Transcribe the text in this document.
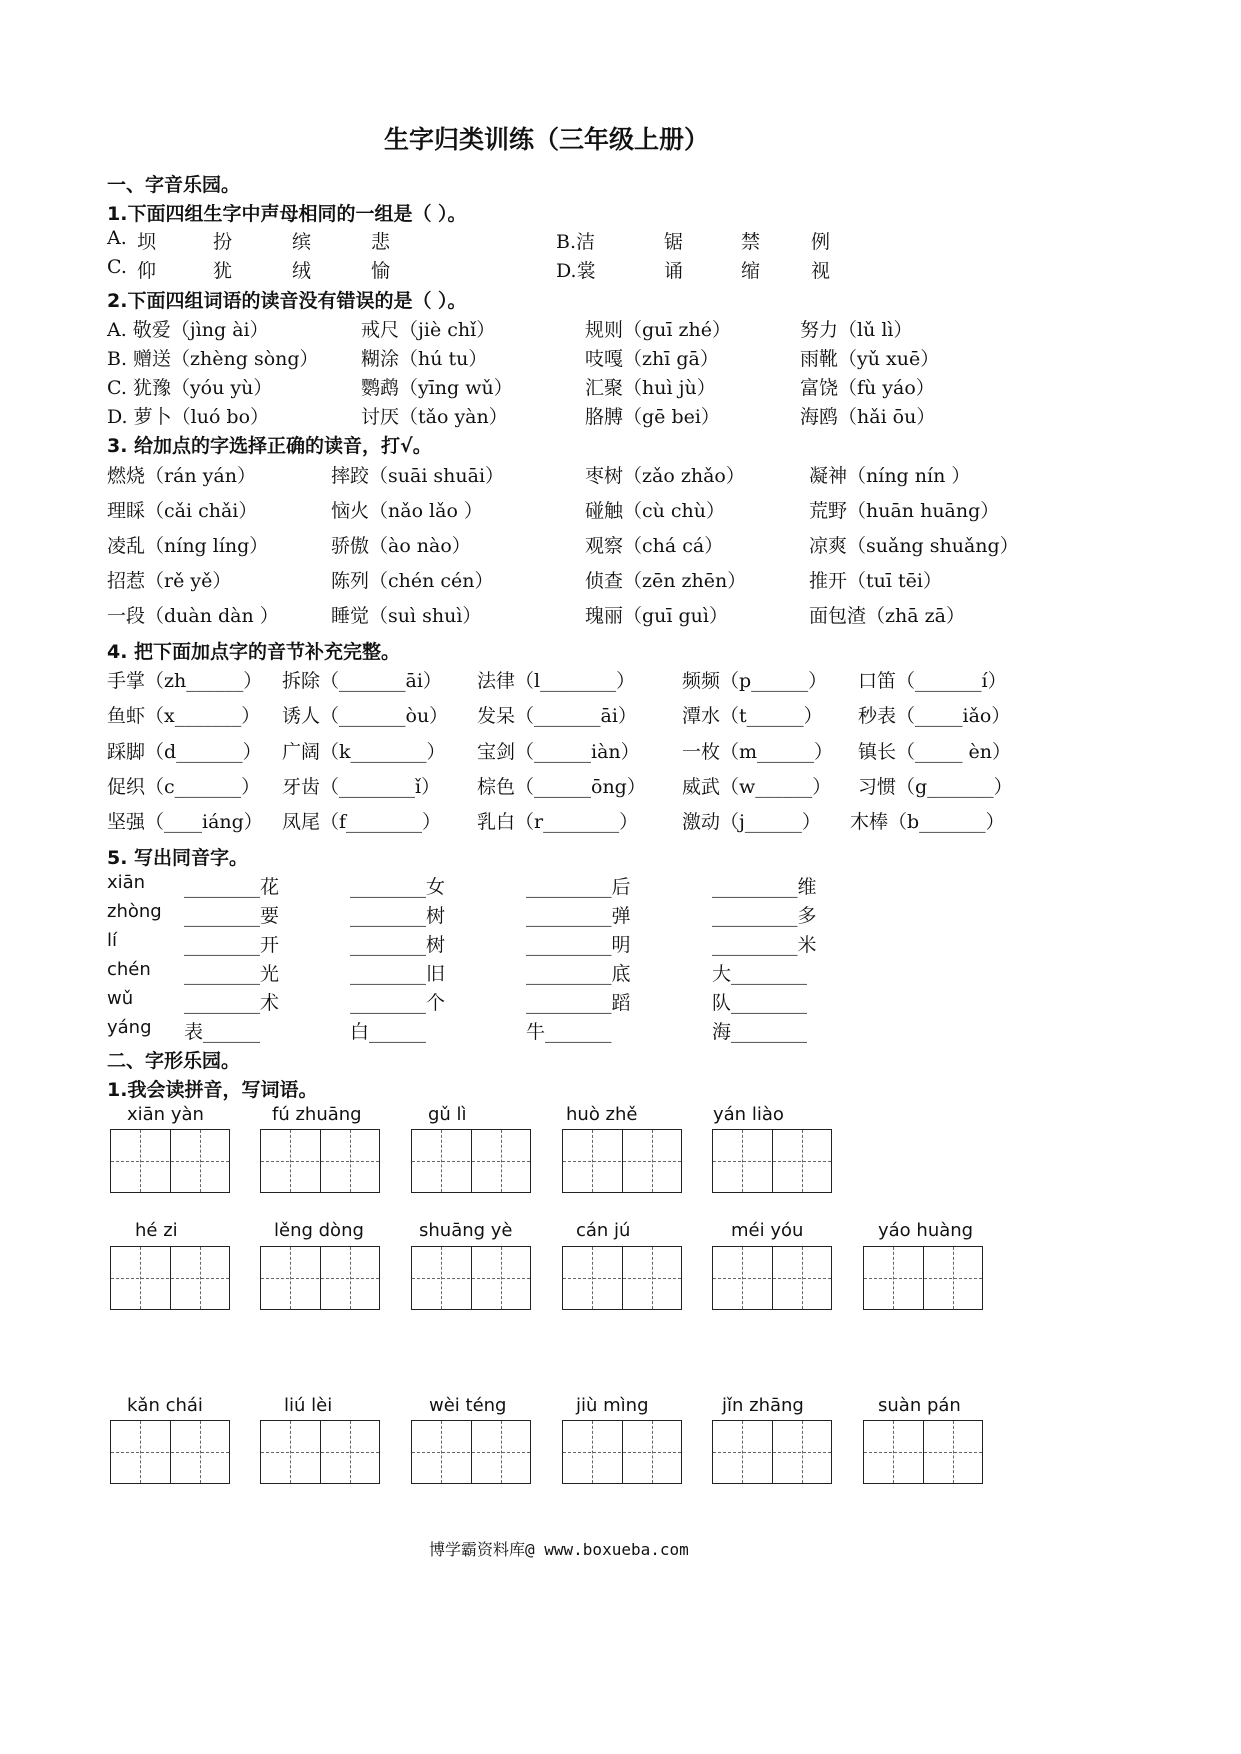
生字归类训练（三年级上册）
一、字音乐园。
1.下面四组生字中声母相同的一组是（ ）。
A. 坝	扮	缤	悲	B.洁	锯	禁	例
C. 仰	犹	绒	愉	D.裳	诵	缩	视
2.下面四组词语的读音没有错误的是（ ）。
A. 敬爱（jìng ài）	戒尺（jiè chǐ）	规则（guī zhé）	努力（lǔ lì）
B. 赠送（zhèng sòng） 糊涂（hú tu）	吱嘎（zhī gā）	雨靴（yǔ xuē）
C. 犹豫（yóu yù）	鹦鹉（yīng wǔ）	汇聚（huì jù）	富饶（fù yáo）
D. 萝卜（luó bo）	讨厌（tǎo yàn）	胳膊（gē bei）	海鸥（hǎi ōu）
3. 给加点的字选择正确的读音，打√。
燃烧（rán yán）	摔跤（suāi shuāi）	枣树（zǎo zhǎo）	凝神（níng nín ）
理睬（cǎi chǎi）	恼火（nǎo lǎo ）	碰触（cù chù）	荒野（huān huāng）
凌乱（níng líng）	骄傲（ào nào）	观察（chá cá）	凉爽（suǎng shuǎng）
招惹（rě yě）	陈列（chén cén）	侦查（zēn zhēn）	推开（tuī tēi）
一段（duàn dàn ）	睡觉（suì shuì）	瑰丽（guī guì）	面包渣（zhā zā）
4. 把下面加点字的音节补充完整。
手掌（zh______） 拆除（_______āi） 法律（l________） 频频（p______） 口笛（_______í）
鱼虾（x_______） 诱人（_______òu） 发呆（_______āi） 潭水（t______） 秒表（_____iǎo）
踩脚（d_______） 广阔（k________） 宝剑（______iàn） 一枚（m______） 镇长（_____ èn）
促织（c_______） 牙齿（________ǐ） 棕色（______ōng） 威武（w______） 习惯（g_______）
坚强（____iáng） 凤尾（f________） 乳白（r________） 激动（j______） 木棒（b_______）
5. 写出同音字。
xiān ________花	________女	_________后	_________维
zhòng ________要	________树	_________弹	_________多
lí	________开	________树	_________明	_________米
chén ________光	________旧	_________底	大________
wǔ	________术	________个	_________蹈	队________
yáng 表______	白______	牛_______	海________
二、字形乐园。
1.我会读拼音，写词语。
xiān yàn	fú zhuāng	gǔ lì	huò zhě	yán liào
hé zi	lěng dòng	shuāng yè	cán jú	méi yóu	yáo huàng
kǎn chái	liú lèi	wèi téng	jiù mìng	jǐn zhāng	suàn pán
博学霸资料库@ www.boxueba.com
